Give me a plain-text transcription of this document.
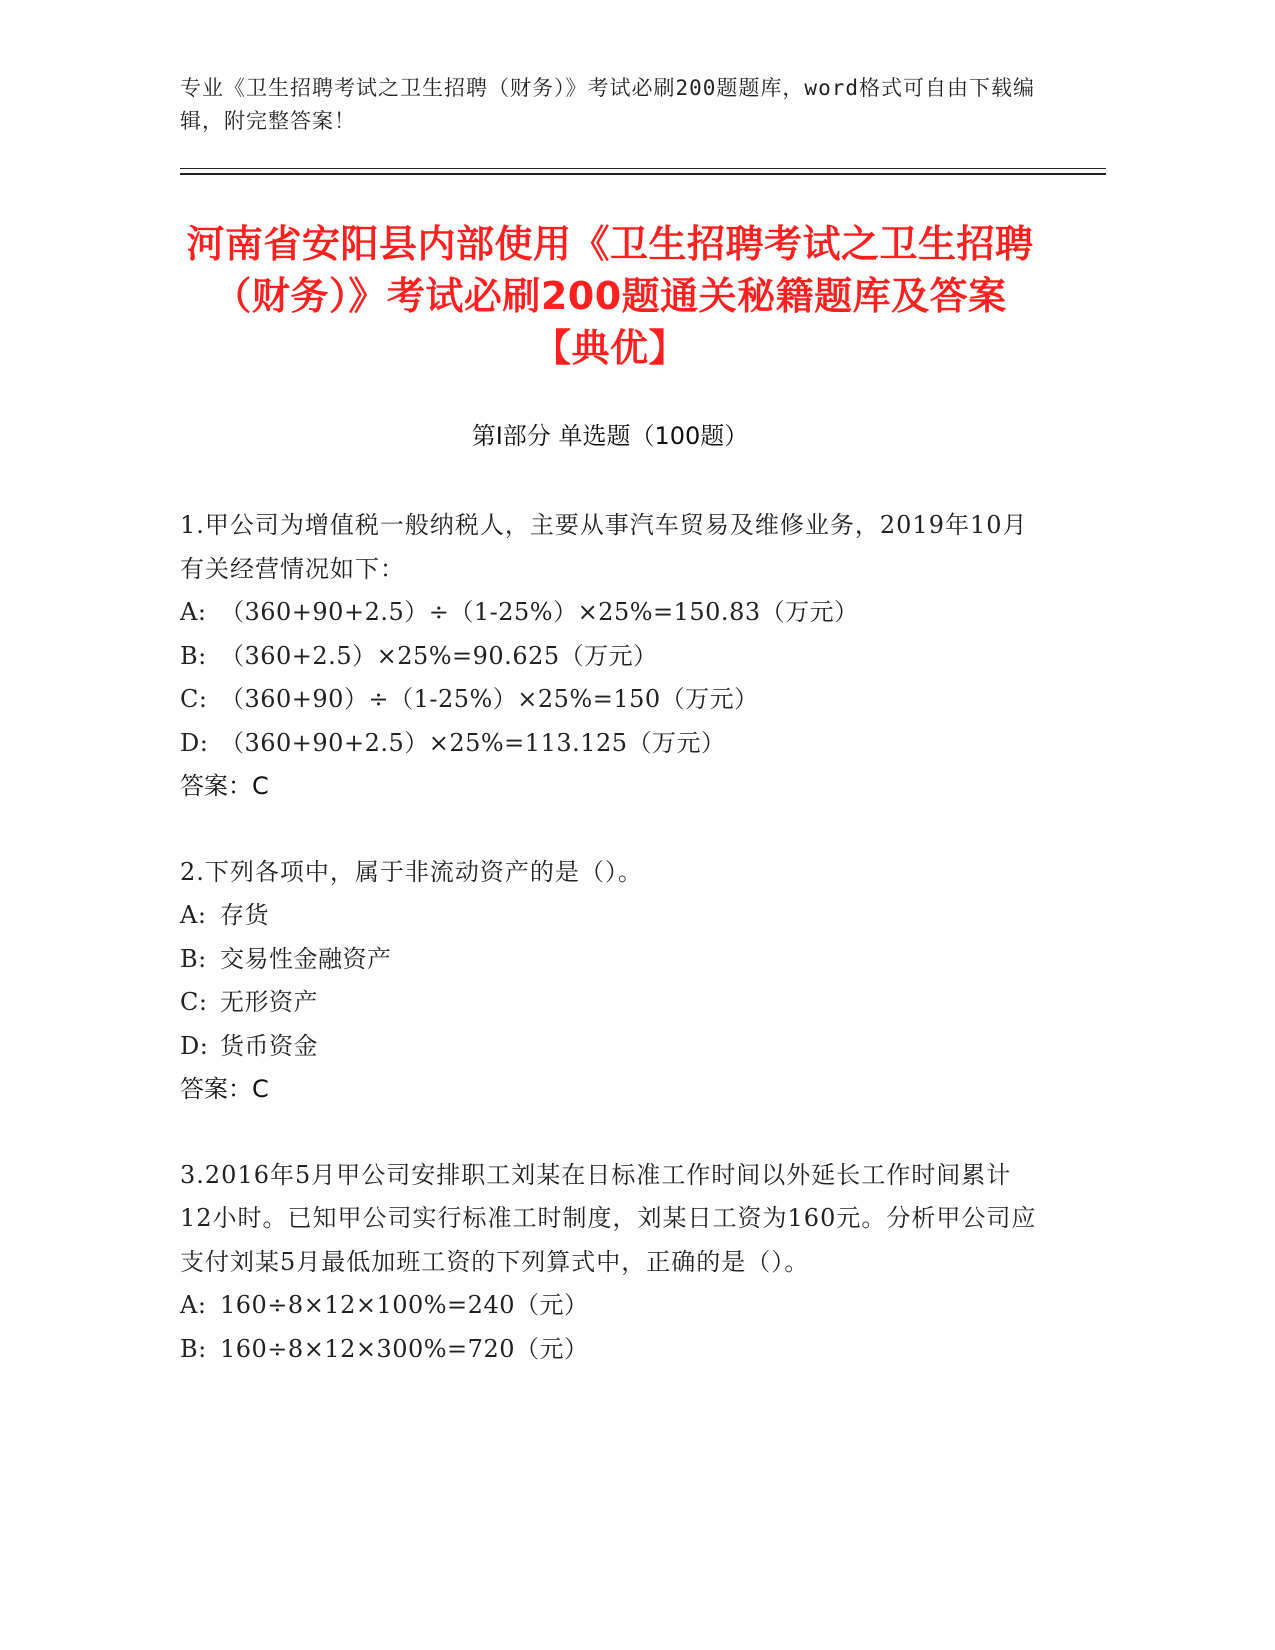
专业《卫生招聘考试之卫生招聘（财务）》考试必刷200题题库，word格式可自由下载编辑，附完整答案！
河南省安阳县内部使用《卫生招聘考试之卫生招聘（财务）》考试必刷200题通关秘籍题库及答案【典优】
第Ⅰ部分 单选题（100题）
1.甲公司为增值税一般纳税人，主要从事汽车贸易及维修业务，2019年10月有关经营情况如下：
A: （360+90+2.5）÷（1-25%）×25%=150.83（万元）
B: （360+2.5）×25%=90.625（万元）
C: （360+90）÷（1-25%）×25%=150（万元）
D: （360+90+2.5）×25%=113.125（万元）
答案：C
2.下列各项中，属于非流动资产的是（）。
A: 存货
B: 交易性金融资产
C: 无形资产
D: 货币资金
答案：C
3.2016年5月甲公司安排职工刘某在日标准工作时间以外延长工作时间累计12小时。已知甲公司实行标准工时制度，刘某日工资为160元。分析甲公司应支付刘某5月最低加班工资的下列算式中，正确的是（）。
A: 160÷8×12×100%=240（元）
B: 160÷8×12×300%=720（元）
